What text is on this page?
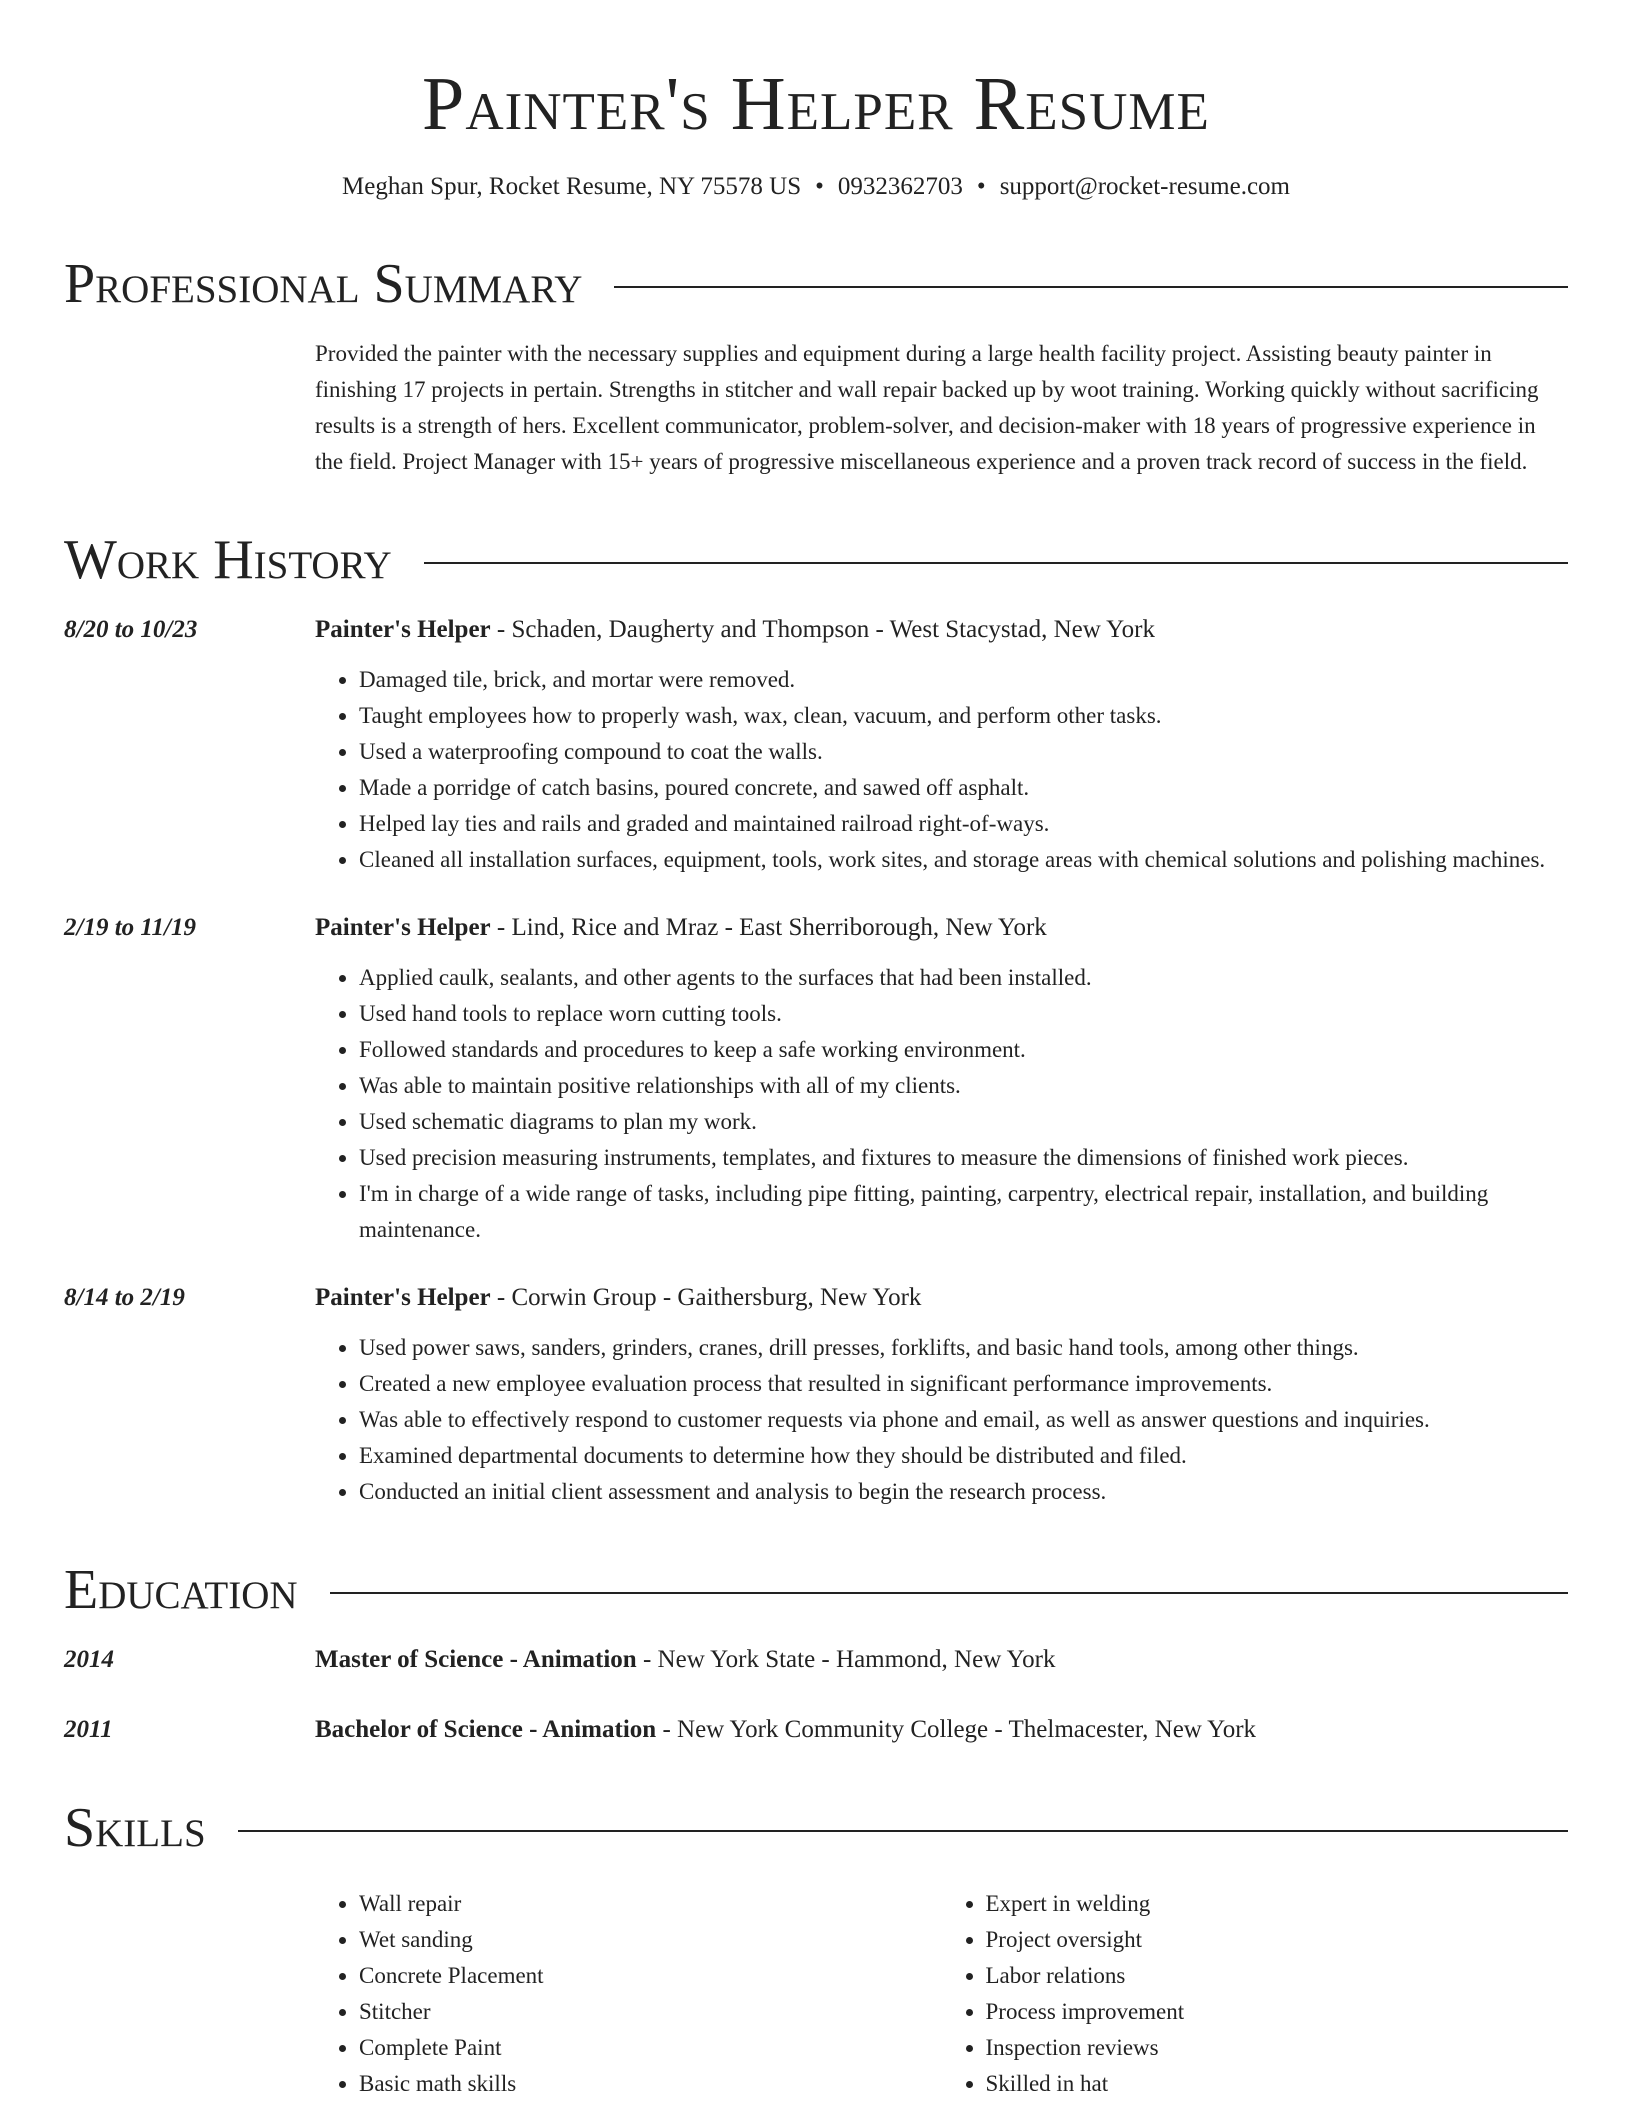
Painter's Helper Resume
Meghan Spur, Rocket Resume, NY 75578 US • 0932362703 • support@rocket-resume.com
Professional Summary

Provided the painter with the necessary supplies and equipment during a large health facility project. Assisting beauty painter in finishing 17 projects in pertain. Strengths in stitcher and wall repair backed up by woot training. Working quickly without sacrificing results is a strength of hers. Excellent communicator, problem-solver, and decision-maker with 18 years of progressive experience in the field. Project Manager with 15+ years of progressive miscellaneous experience and a proven track record of success in the field.

Work History
8/20 to 10/23	Painter's Helper - Schaden, Daugherty and Thompson - West Stacystad, New York
• Damaged tile, brick, and mortar were removed.
• Taught employees how to properly wash, wax, clean, vacuum, and perform other tasks.
• Used a waterproofing compound to coat the walls.
• Made a porridge of catch basins, poured concrete, and sawed off asphalt.
• Helped lay ties and rails and graded and maintained railroad right-of-ways.
• Cleaned all installation surfaces, equipment, tools, work sites, and storage areas with chemical solutions and polishing machines.
2/19 to 11/19	Painter's Helper - Lind, Rice and Mraz - East Sherriborough, New York
• Applied caulk, sealants, and other agents to the surfaces that had been installed.
• Used hand tools to replace worn cutting tools.
• Followed standards and procedures to keep a safe working environment.
• Was able to maintain positive relationships with all of my clients.
• Used schematic diagrams to plan my work.
• Used precision measuring instruments, templates, and fixtures to measure the dimensions of finished work pieces.
• I'm in charge of a wide range of tasks, including pipe fitting, painting, carpentry, electrical repair, installation, and building maintenance.
8/14 to 2/19	Painter's Helper - Corwin Group - Gaithersburg, New York
• Used power saws, sanders, grinders, cranes, drill presses, forklifts, and basic hand tools, among other things.
• Created a new employee evaluation process that resulted in significant performance improvements.
• Was able to effectively respond to customer requests via phone and email, as well as answer questions and inquiries.
• Examined departmental documents to determine how they should be distributed and filed.
• Conducted an initial client assessment and analysis to begin the research process.
Education
2014	Master of Science - Animation - New York State - Hammond, New York
2011	Bachelor of Science - Animation - New York Community College - Thelmacester, New York
Skills
• Wall repair
• Wet sanding
• Concrete Placement
• Stitcher
• Complete Paint
• Basic math skills
• Expert in welding
• Project oversight
• Labor relations
• Process improvement
• Inspection reviews
• Skilled in hat
